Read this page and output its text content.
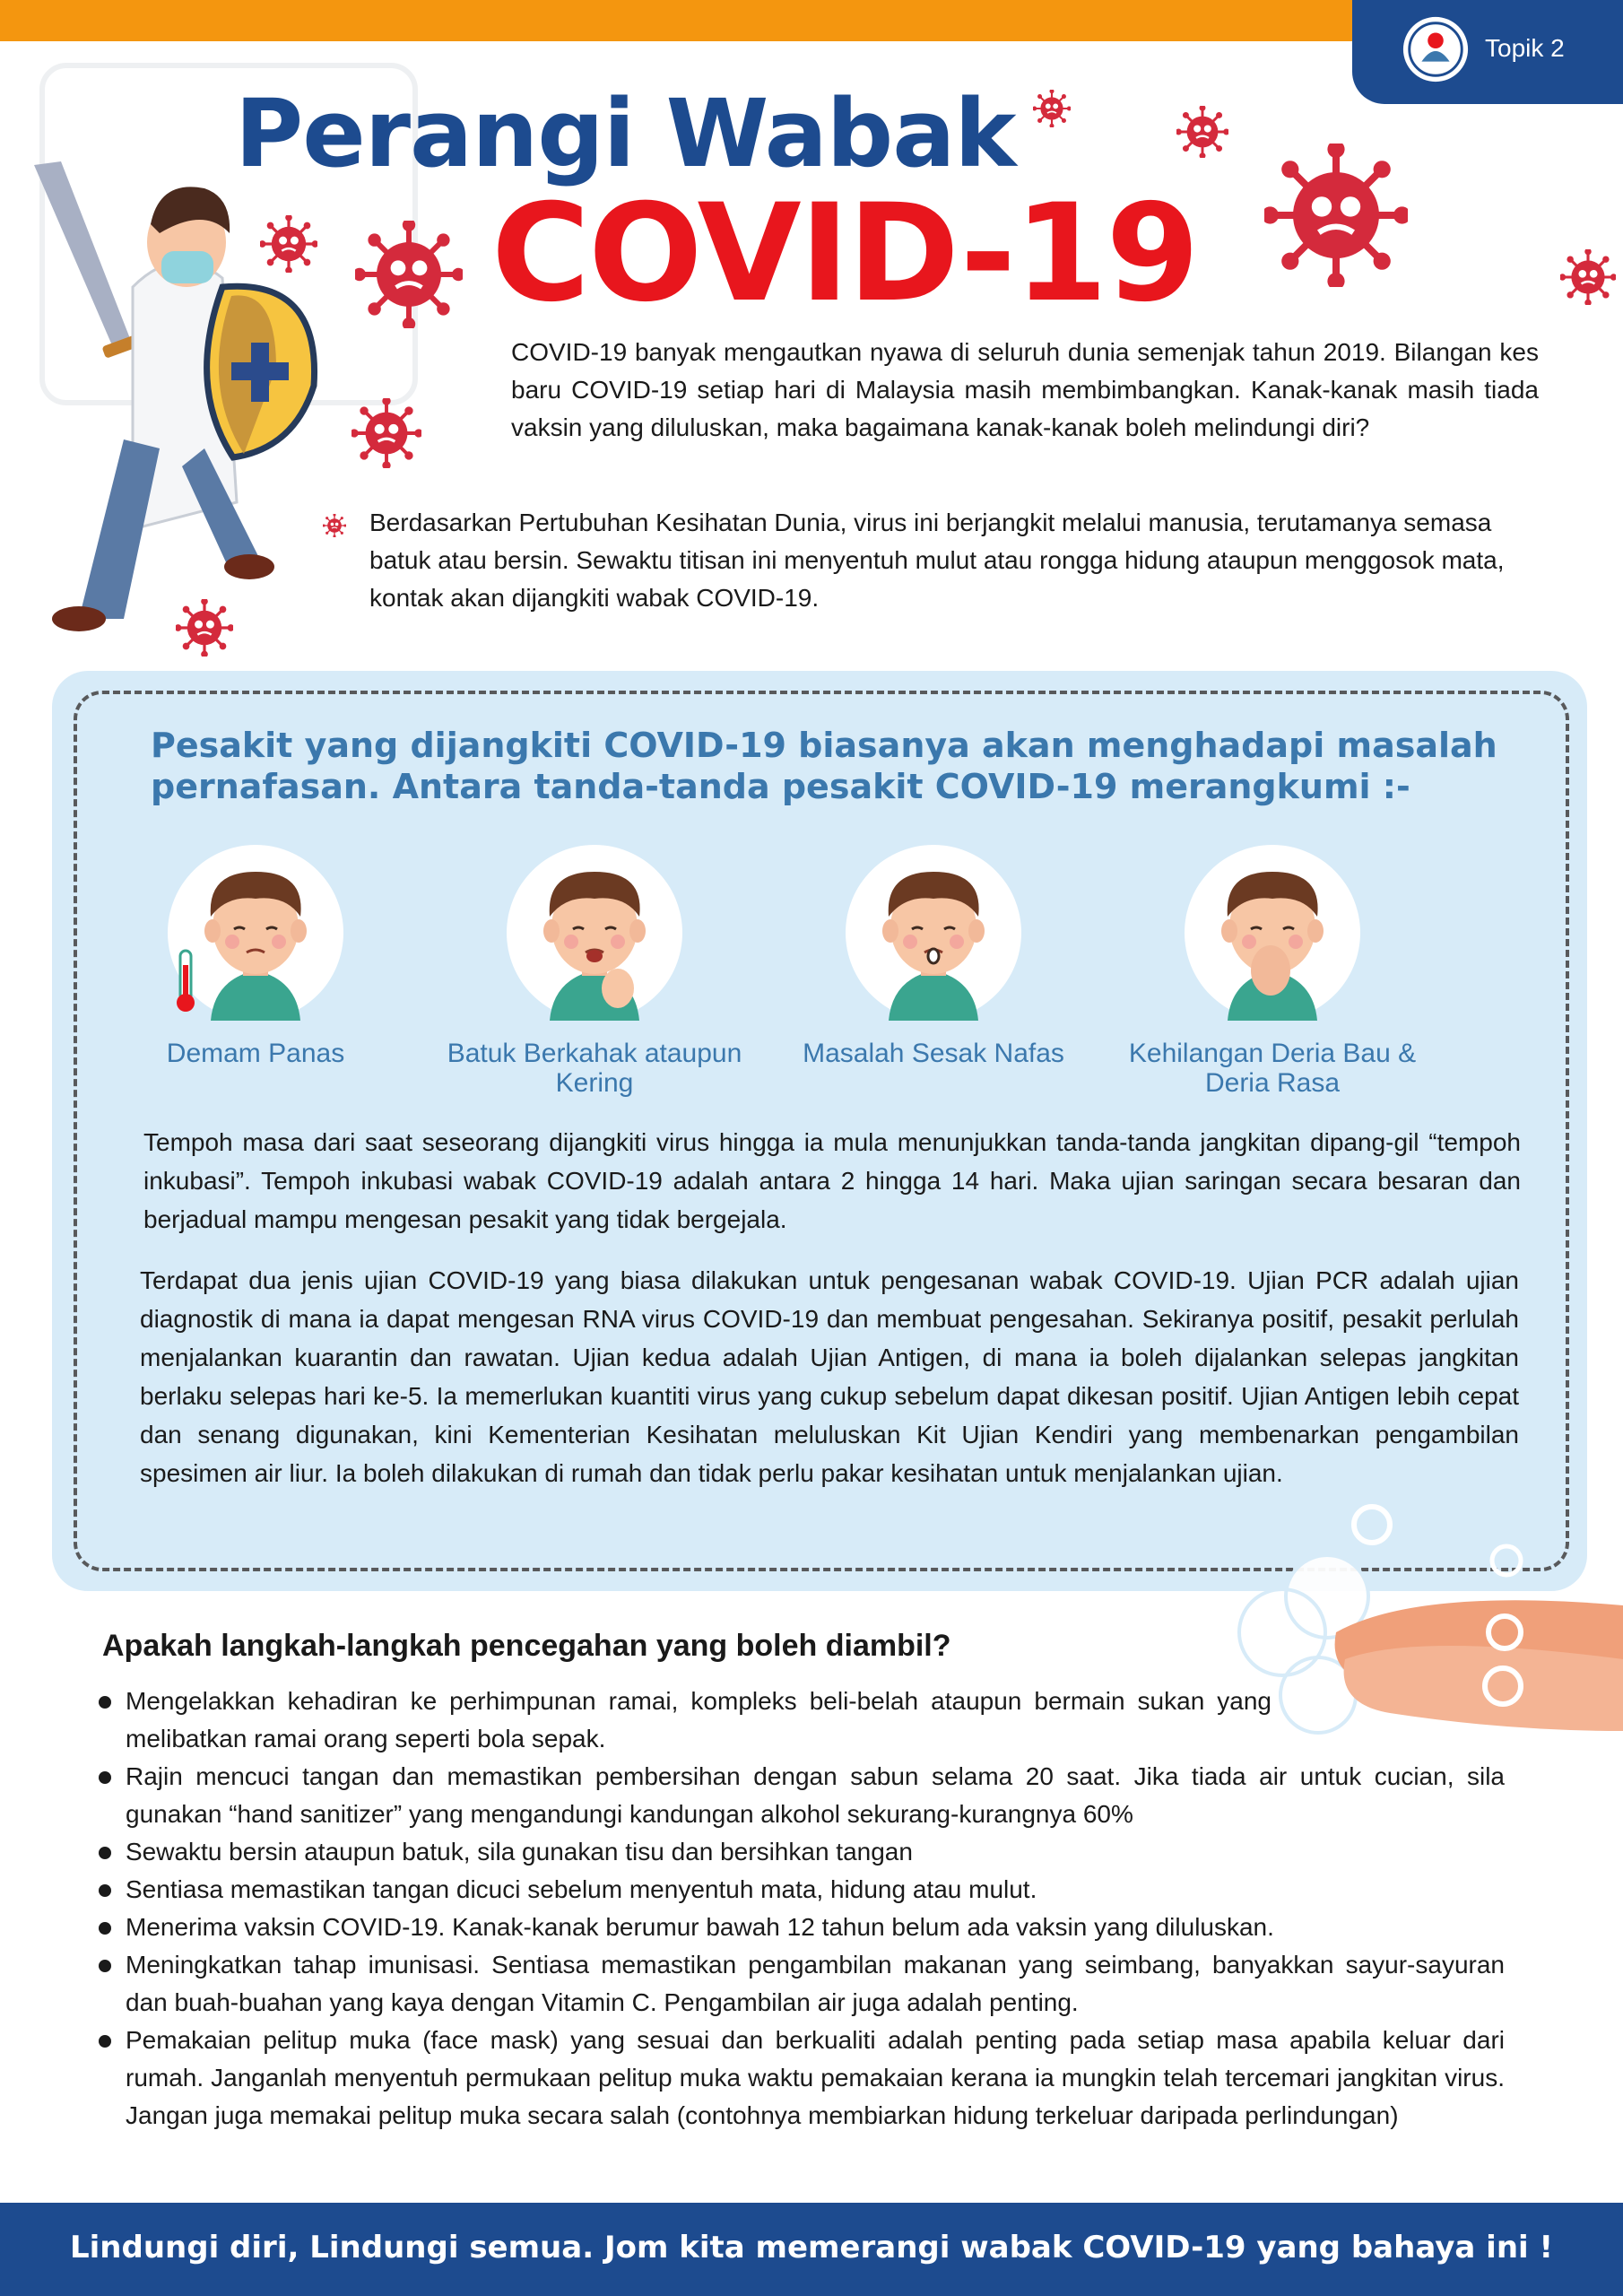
Topik 2
Perangi Wabak
COVID-19
COVID-19 banyak mengautkan nyawa di seluruh dunia semenjak tahun 2019. Bilangan kes baru COVID-19 setiap hari di Malaysia masih membimbangkan. Kanak-kanak masih tiada vaksin yang diluluskan, maka bagaimana kanak-kanak boleh melindungi diri?
Berdasarkan Pertubuhan Kesihatan Dunia, virus ini berjangkit melalui manusia, terutamanya semasa batuk atau bersin. Sewaktu titisan ini menyentuh mulut atau rongga hidung ataupun menggosok mata, kontak akan dijangkiti wabak COVID-19.
Pesakit yang dijangkiti COVID-19 biasanya akan menghadapi masalah pernafasan. Antara tanda-tanda pesakit COVID-19 merangkumi :-
Demam Panas	Batuk Berkahak ataupun Kering
Masalah Sesak Nafas	Kehilangan Deria Bau & Deria Rasa
Tempoh masa dari saat seseorang dijangkiti virus hingga ia mula menunjukkan tanda-tanda jangkitan dipang-gil “tempoh inkubasi”. Tempoh inkubasi wabak COVID-19 adalah antara 2 hingga 14 hari. Maka ujian saringan secara besaran dan berjadual mampu mengesan pesakit yang tidak bergejala.
Terdapat dua jenis ujian COVID-19 yang biasa dilakukan untuk pengesanan wabak COVID-19. Ujian PCR adalah ujian diagnostik di mana ia dapat mengesan RNA virus COVID-19 dan membuat pengesahan. Sekiranya positif, pesakit perlulah menjalankan kuarantin dan rawatan. Ujian kedua adalah Ujian Antigen, di mana ia boleh dijalankan selepas jangkitan berlaku selepas hari ke-5. Ia memerlukan kuantiti virus yang cukup sebelum dapat dikesan positif. Ujian Antigen lebih cepat dan senang digunakan, kini Kementerian Kesihatan meluluskan Kit Ujian Kendiri yang membenarkan pengambilan spesimen air liur. Ia boleh dilakukan di rumah dan tidak perlu pakar kesihatan untuk menjalankan ujian.
Apakah langkah-langkah pencegahan yang boleh diambil?
Mengelakkan kehadiran ke perhimpunan ramai, kompleks beli-belah ataupun bermain sukan yang melibatkan ramai orang seperti bola sepak.
Rajin mencuci tangan dan memastikan pembersihan dengan sabun selama 20 saat. Jika tiada air untuk cucian, sila gunakan “hand sanitizer” yang mengandungi kandungan alkohol sekurang-kurangnya 60%
Sewaktu bersin ataupun batuk, sila gunakan tisu dan bersihkan tangan
Sentiasa memastikan tangan dicuci sebelum menyentuh mata, hidung atau mulut.
Menerima vaksin COVID-19. Kanak-kanak berumur bawah 12 tahun belum ada vaksin yang diluluskan.
Meningkatkan tahap imunisasi. Sentiasa memastikan pengambilan makanan yang seimbang, banyakkan sayur-sayuran dan buah-buahan yang kaya dengan Vitamin C. Pengambilan air juga adalah penting.
Pemakaian pelitup muka (face mask) yang sesuai dan berkualiti adalah penting pada setiap masa apabila keluar dari rumah. Janganlah menyentuh permukaan pelitup muka waktu pemakaian kerana ia mungkin telah tercemari jangkitan virus. Jangan juga memakai pelitup muka secara salah (contohnya membiarkan hidung terkeluar daripada perlindungan)
Lindungi diri, Lindungi semua. Jom kita memerangi wabak COVID-19 yang bahaya ini !
